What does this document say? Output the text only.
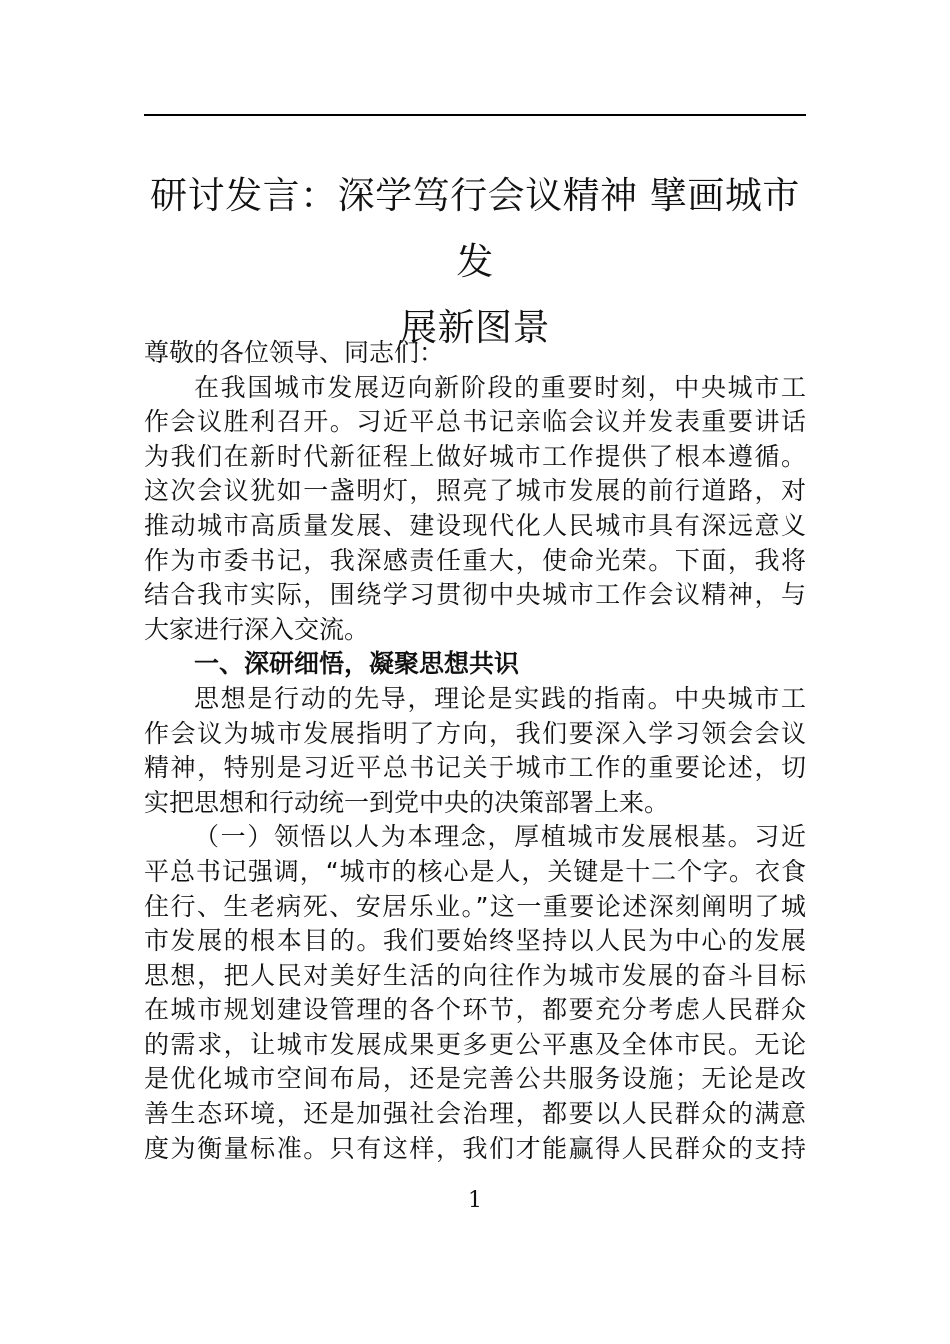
研讨发言：深学笃行会议精神 擘画城市发
展新图景
尊敬的各位领导、同志们：
在我国城市发展迈向新阶段的重要时刻，中央城市工
作会议胜利召开。习近平总书记亲临会议并发表重要讲话
为我们在新时代新征程上做好城市工作提供了根本遵循。
这次会议犹如一盏明灯，照亮了城市发展的前行道路，对
推动城市高质量发展、建设现代化人民城市具有深远意义
作为市委书记，我深感责任重大，使命光荣。下面，我将
结合我市实际，围绕学习贯彻中央城市工作会议精神，与
大家进行深入交流。
一、深研细悟，凝聚思想共识
思想是行动的先导，理论是实践的指南。中央城市工
作会议为城市发展指明了方向，我们要深入学习领会会议
精神，特别是习近平总书记关于城市工作的重要论述，切
实把思想和行动统一到党中央的决策部署上来。
（一）领悟以人为本理念，厚植城市发展根基。习近
平总书记强调，“城市的核心是人，关键是十二个字。衣食
住行、生老病死、安居乐业。”这一重要论述深刻阐明了城
市发展的根本目的。我们要始终坚持以人民为中心的发展
思想，把人民对美好生活的向往作为城市发展的奋斗目标
在城市规划建设管理的各个环节，都要充分考虑人民群众
的需求，让城市发展成果更多更公平惠及全体市民。无论
是优化城市空间布局，还是完善公共服务设施；无论是改
善生态环境，还是加强社会治理，都要以人民群众的满意
度为衡量标准。只有这样，我们才能赢得人民群众的支持
1
